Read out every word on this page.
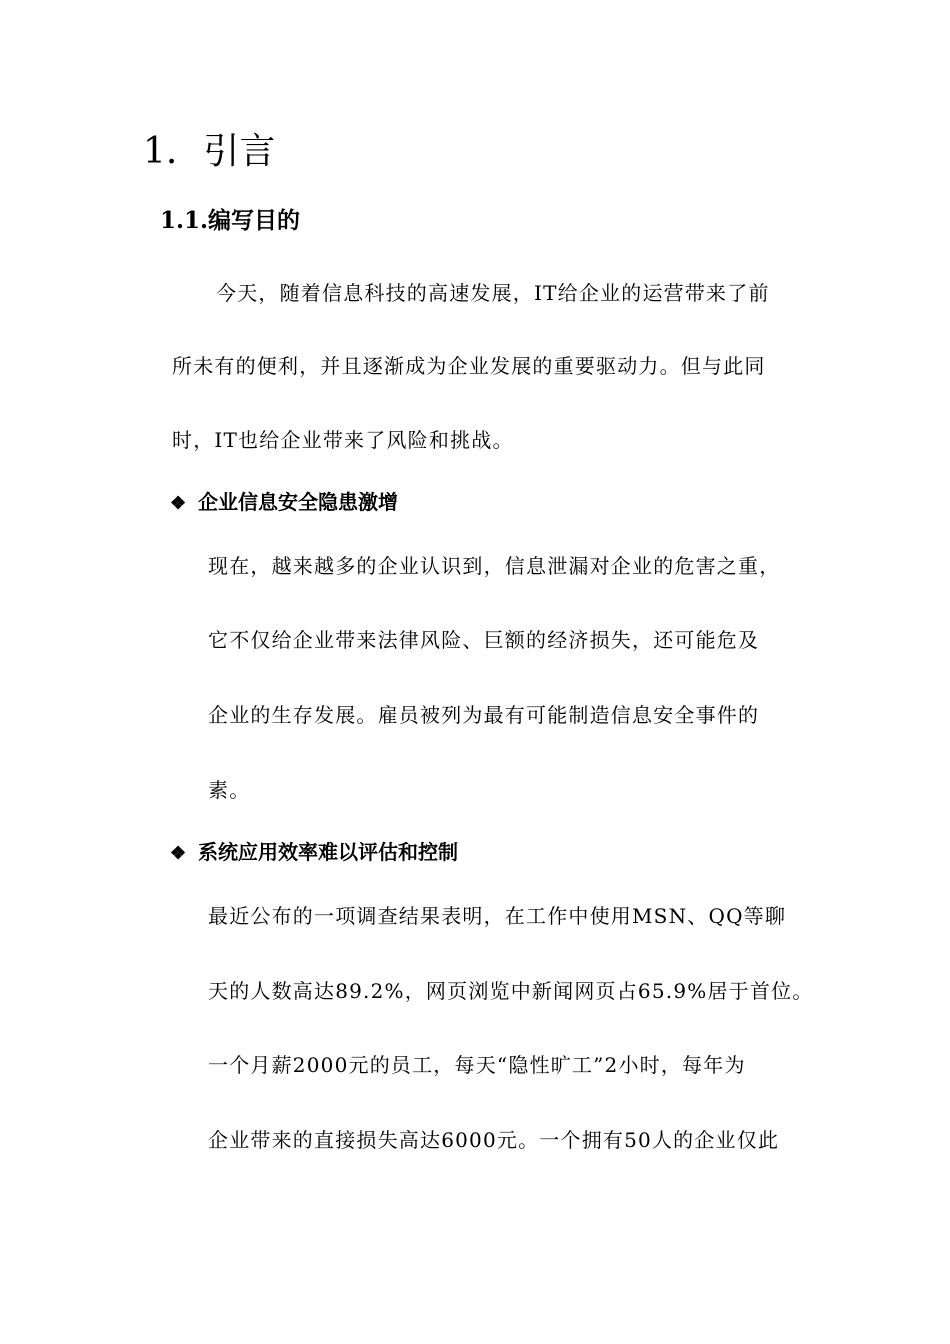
1. 引言
1.1.编写目的
今天，随着信息科技的高速发展，IT给企业的运营带来了前
所未有的便利，并且逐渐成为企业发展的重要驱动力。但与此同
时，IT也给企业带来了风险和挑战。
❖ 企业信息安全隐患激增
现在，越来越多的企业认识到，信息泄漏对企业的危害之重，
它不仅给企业带来法律风险、巨额的经济损失，还可能危及
企业的生存发展。雇员被列为最有可能制造信息安全事件的
素。
❖ 系统应用效率难以评估和控制
最近公布的一项调查结果表明，在工作中使用MSN、QQ等聊
天的人数高达89.2%，网页浏览中新闻网页占65.9%居于首位。
一个月薪2000元的员工，每天“隐性旷工”2小时，每年为
企业带来的直接损失高达6000元。一个拥有50人的企业仅此
